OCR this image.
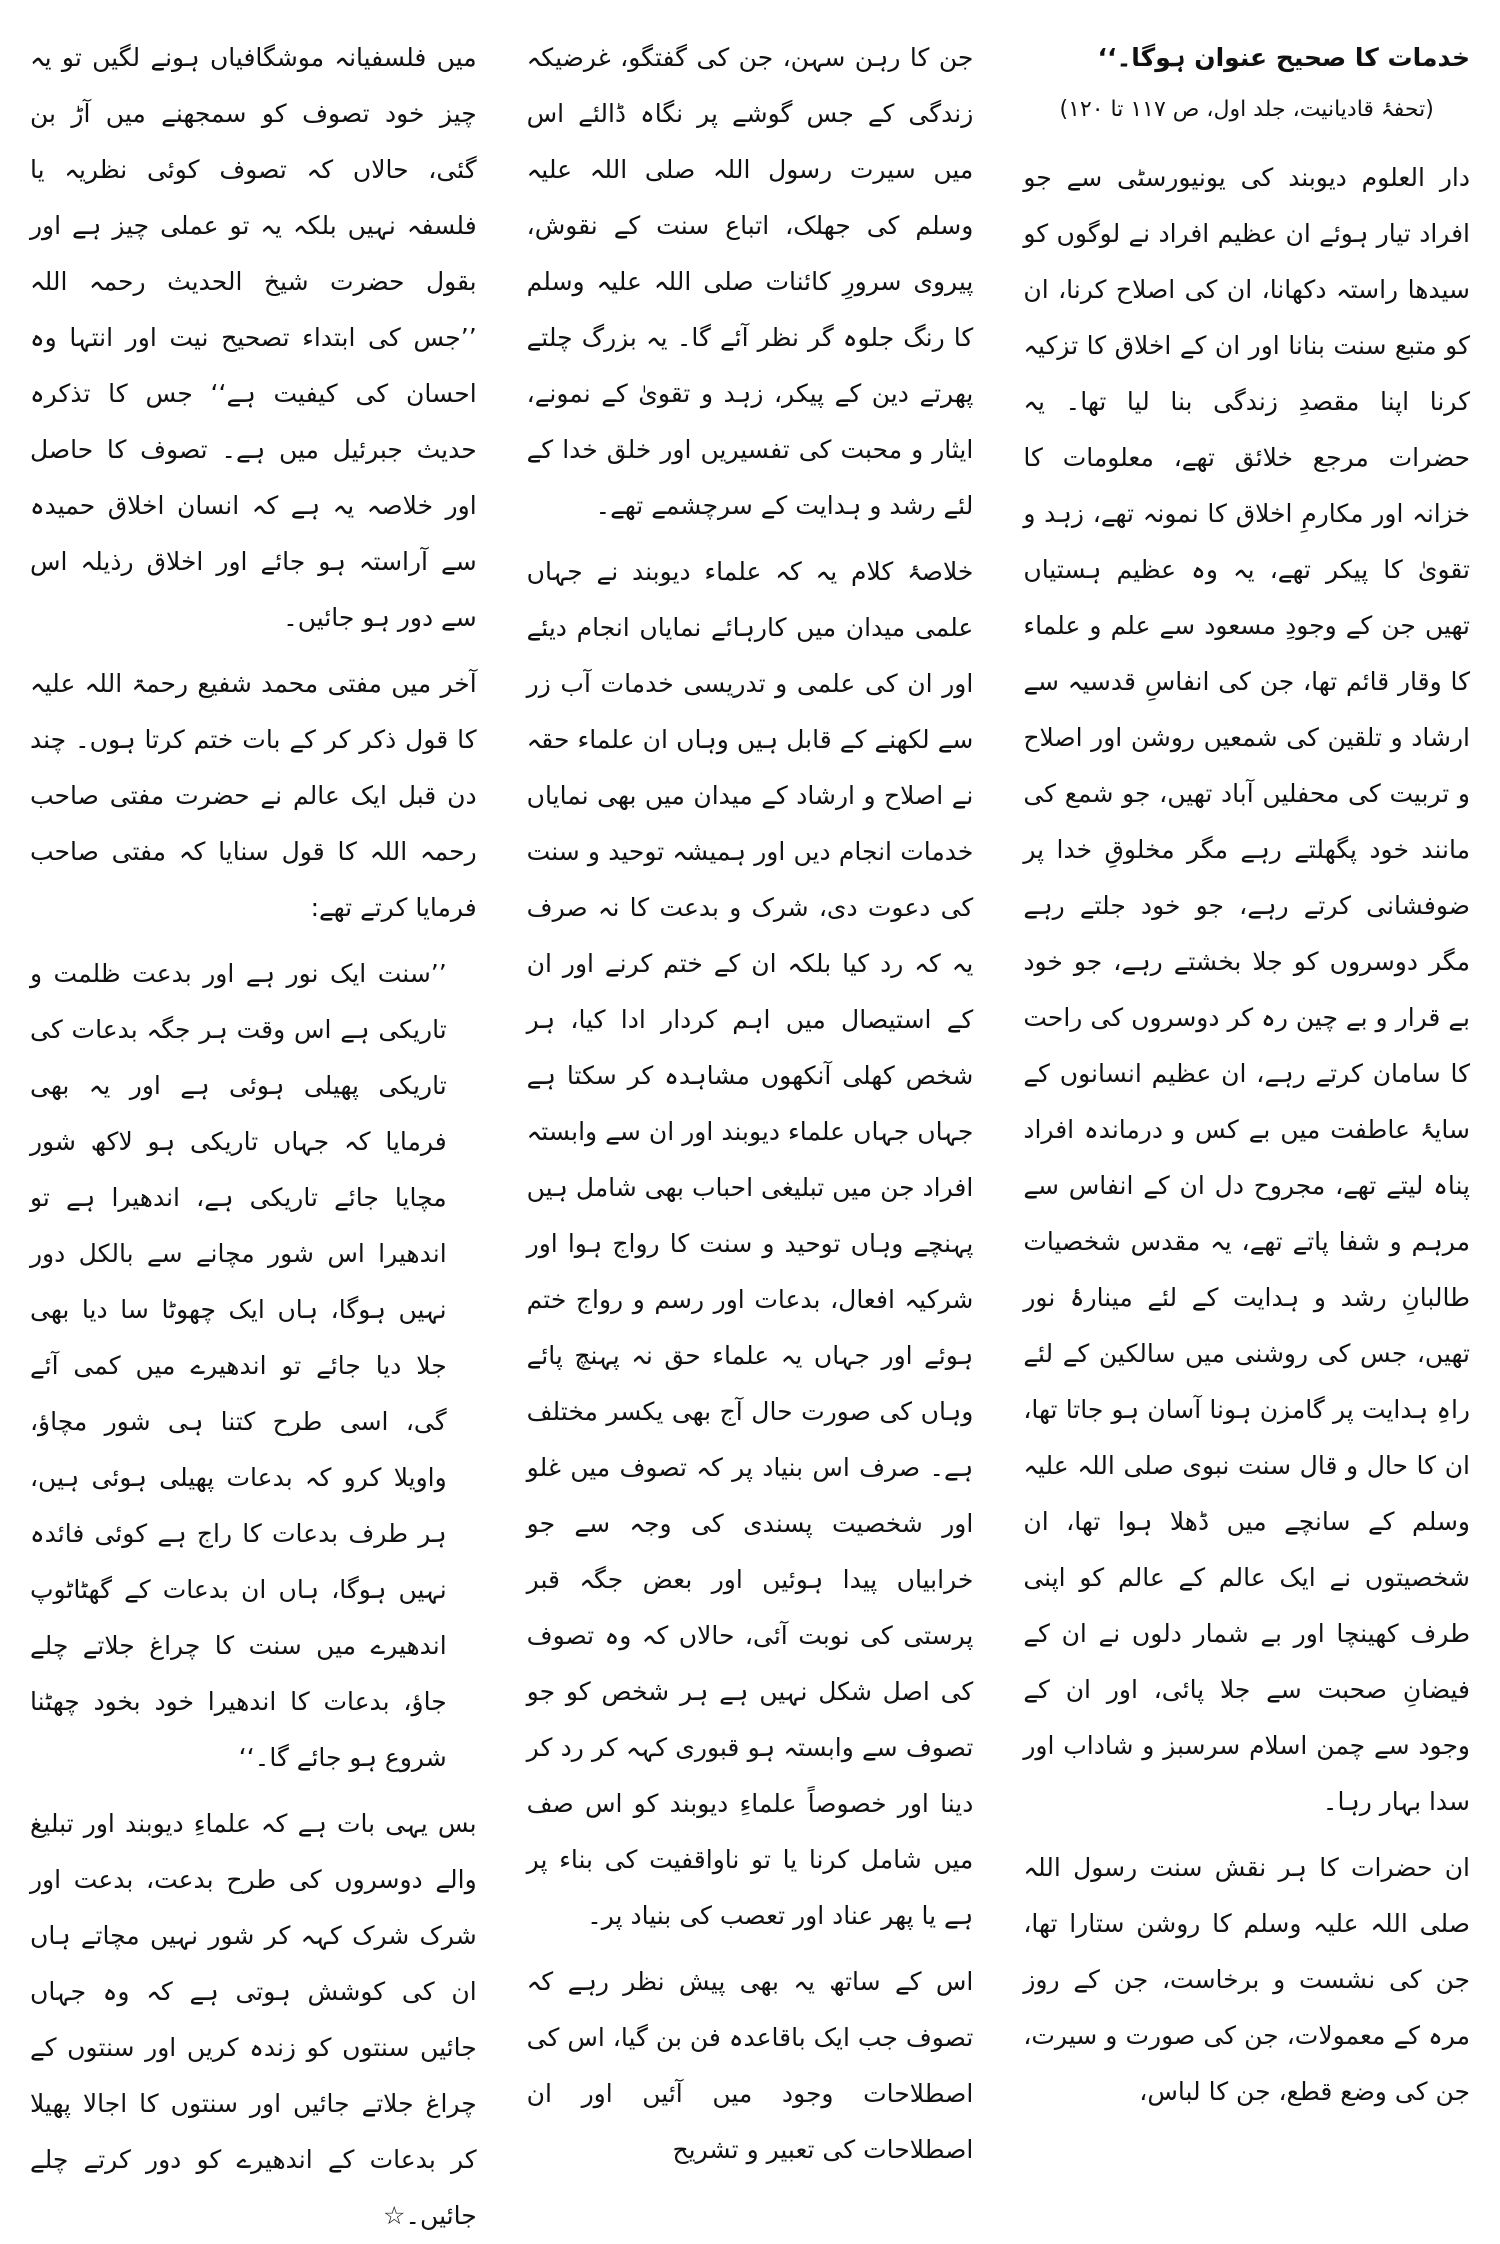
خدمات کا صحیح عنوان ہوگا۔‘‘

(تحفۂ قادیانیت، جلد اول، ص ۱۱۷ تا ۱۲۰)

دار العلوم دیوبند کی یونیورسٹی سے جو افراد تیار ہوئے ان عظیم افراد نے لوگوں کو سیدھا راستہ دکھانا، ان کی اصلاح کرنا، ان کو متبع سنت بنانا اور ان کے اخلاق کا تزکیہ کرنا اپنا مقصدِ زندگی بنا لیا تھا۔ یہ حضرات مرجع خلائق تھے، معلومات کا خزانہ اور مکارمِ اخلاق کا نمونہ تھے، زہد و تقویٰ کا پیکر تھے، یہ وہ عظیم ہستیاں تھیں جن کے وجودِ مسعود سے علم و علماء کا وقار قائم تھا، جن کی انفاسِ قدسیہ سے ارشاد و تلقین کی شمعیں روشن اور اصلاح و تربیت کی محفلیں آباد تھیں، جو شمع کی مانند خود پگھلتے رہے مگر مخلوقِ خدا پر ضوفشانی کرتے رہے، جو خود جلتے رہے مگر دوسروں کو جلا بخشتے رہے، جو خود بے قرار و بے چین رہ کر دوسروں کی راحت کا سامان کرتے رہے، ان عظیم انسانوں کے سایۂ عاطفت میں بے کس و درماندہ افراد پناہ لیتے تھے، مجروح دل ان کے انفاس سے مرہم و شفا پاتے تھے، یہ مقدس شخصیات طالبانِ رشد و ہدایت کے لئے مینارۂ نور تھیں، جس کی روشنی میں سالکین کے لئے راہِ ہدایت پر گامزن ہونا آسان ہو جاتا تھا، ان کا حال و قال سنت نبوی صلی اللہ علیہ وسلم کے سانچے میں ڈھلا ہوا تھا، ان شخصیتوں نے ایک عالم کے عالم کو اپنی طرف کھینچا اور بے شمار دلوں نے ان کے فیضانِ صحبت سے جلا پائی، اور ان کے وجود سے چمن اسلام سرسبز و شاداب اور سدا بہار رہا۔

ان حضرات کا ہر نقش سنت رسول اللہ صلی اللہ علیہ وسلم کا روشن ستارا تھا، جن کی نشست و برخاست، جن کے روز مرہ کے معمولات، جن کی صورت و سیرت، جن کی وضع قطع، جن کا لباس،

جن کا رہن سہن، جن کی گفتگو، غرضیکہ زندگی کے جس گوشے پر نگاہ ڈالئے اس میں سیرت رسول اللہ صلی اللہ علیہ وسلم کی جھلک، اتباع سنت کے نقوش، پیروی سرورِ کائنات صلی اللہ علیہ وسلم کا رنگ جلوہ گر نظر آئے گا۔ یہ بزرگ چلتے پھرتے دین کے پیکر، زہد و تقویٰ کے نمونے، ایثار و محبت کی تفسیریں اور خلق خدا کے لئے رشد و ہدایت کے سرچشمے تھے۔

خلاصۂ کلام یہ کہ علماء دیوبند نے جہاں علمی میدان میں کارہائے نمایاں انجام دیئے اور ان کی علمی و تدریسی خدمات آب زر سے لکھنے کے قابل ہیں وہاں ان علماء حقہ نے اصلاح و ارشاد کے میدان میں بھی نمایاں خدمات انجام دیں اور ہمیشہ توحید و سنت کی دعوت دی، شرک و بدعت کا نہ صرف یہ کہ رد کیا بلکہ ان کے ختم کرنے اور ان کے استیصال میں اہم کردار ادا کیا، ہر شخص کھلی آنکھوں مشاہدہ کر سکتا ہے جہاں جہاں علماء دیوبند اور ان سے وابستہ افراد جن میں تبلیغی احباب بھی شامل ہیں پہنچے وہاں توحید و سنت کا رواج ہوا اور شرکیہ افعال، بدعات اور رسم و رواج ختم ہوئے اور جہاں یہ علماء حق نہ پہنچ پائے وہاں کی صورت حال آج بھی یکسر مختلف ہے۔ صرف اس بنیاد پر کہ تصوف میں غلو اور شخصیت پسندی کی وجہ سے جو خرابیاں پیدا ہوئیں اور بعض جگہ قبر پرستی کی نوبت آئی، حالاں کہ وہ تصوف کی اصل شکل نہیں ہے ہر شخص کو جو تصوف سے وابستہ ہو قبوری کہہ کر رد کر دینا اور خصوصاً علماءِ دیوبند کو اس صف میں شامل کرنا یا تو ناواقفیت کی بناء پر ہے یا پھر عناد اور تعصب کی بنیاد پر۔

اس کے ساتھ یہ بھی پیش نظر رہے کہ تصوف جب ایک باقاعدہ فن بن گیا، اس کی اصطلاحات وجود میں آئیں اور ان اصطلاحات کی تعبیر و تشریح

میں فلسفیانہ موشگافیاں ہونے لگیں تو یہ چیز خود تصوف کو سمجھنے میں آڑ بن گئی، حالاں کہ تصوف کوئی نظریہ یا فلسفہ نہیں بلکہ یہ تو عملی چیز ہے اور بقول حضرت شیخ الحدیث رحمہ اللہ ’’جس کی ابتداء تصحیح نیت اور انتہا وہ احسان کی کیفیت ہے‘‘ جس کا تذکرہ حدیث جبرئیل میں ہے۔ تصوف کا حاصل اور خلاصہ یہ ہے کہ انسان اخلاق حمیدہ سے آراستہ ہو جائے اور اخلاق رذیلہ اس سے دور ہو جائیں۔

آخر میں مفتی محمد شفیع رحمۃ اللہ علیہ کا قول ذکر کر کے بات ختم کرتا ہوں۔ چند دن قبل ایک عالم نے حضرت مفتی صاحب رحمہ اللہ کا قول سنایا کہ مفتی صاحب فرمایا کرتے تھے:

’’سنت ایک نور ہے اور بدعت ظلمت و تاریکی ہے اس وقت ہر جگہ بدعات کی تاریکی پھیلی ہوئی ہے اور یہ بھی فرمایا کہ جہاں تاریکی ہو لاکھ شور مچایا جائے تاریکی ہے، اندھیرا ہے تو اندھیرا اس شور مچانے سے بالکل دور نہیں ہوگا، ہاں ایک چھوٹا سا دیا بھی جلا دیا جائے تو اندھیرے میں کمی آئے گی، اسی طرح کتنا ہی شور مچاؤ، واویلا کرو کہ بدعات پھیلی ہوئی ہیں، ہر طرف بدعات کا راج ہے کوئی فائدہ نہیں ہوگا، ہاں ان بدعات کے گھٹاٹوپ اندھیرے میں سنت کا چراغ جلاتے چلے جاؤ، بدعات کا اندھیرا خود بخود چھٹنا شروع ہو جائے گا۔‘‘

بس یہی بات ہے کہ علماءِ دیوبند اور تبلیغ والے دوسروں کی طرح بدعت، بدعت اور شرک شرک کہہ کر شور نہیں مچاتے ہاں ان کی کوشش ہوتی ہے کہ وہ جہاں جائیں سنتوں کو زندہ کریں اور سنتوں کے چراغ جلاتے جائیں اور سنتوں کا اجالا پھیلا کر بدعات کے اندھیرے کو دور کرتے چلے جائیں۔☆
